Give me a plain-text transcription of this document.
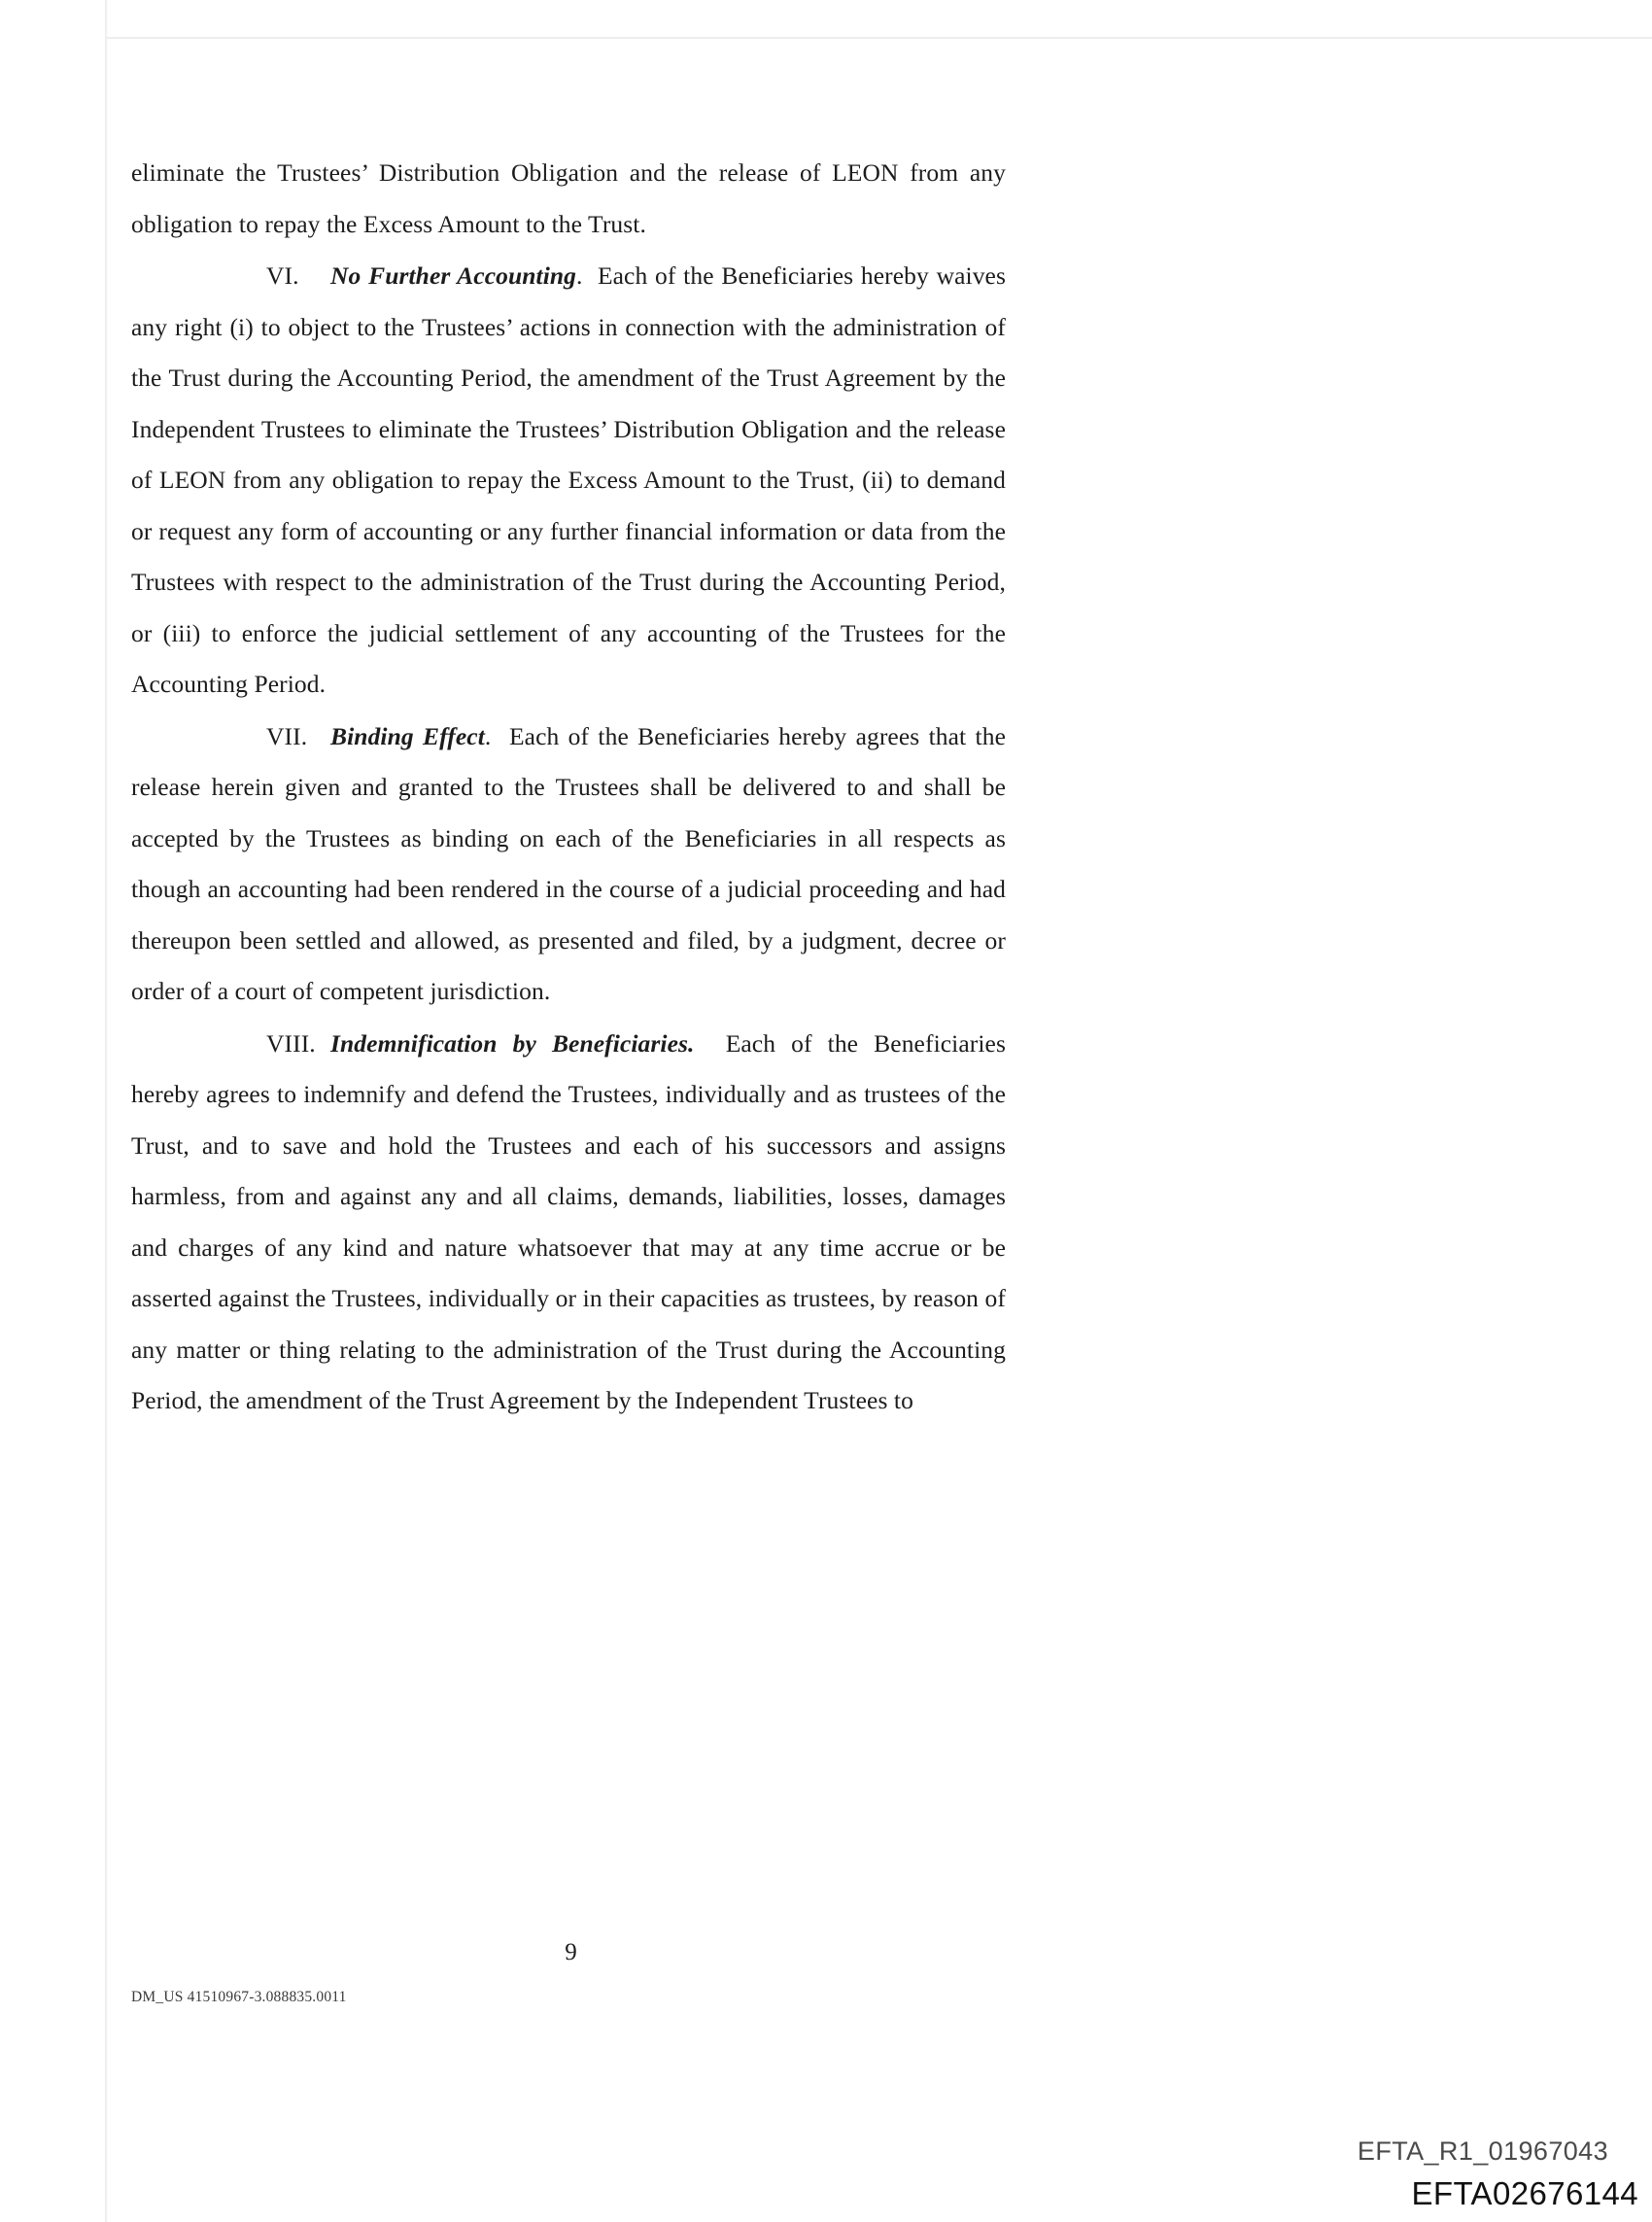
eliminate the Trustees’ Distribution Obligation and the release of LEON from any obligation to repay the Excess Amount to the Trust.

VI. No Further Accounting. Each of the Beneficiaries hereby waives any right (i) to object to the Trustees’ actions in connection with the administration of the Trust during the Accounting Period, the amendment of the Trust Agreement by the Independent Trustees to eliminate the Trustees’ Distribution Obligation and the release of LEON from any obligation to repay the Excess Amount to the Trust, (ii) to demand or request any form of accounting or any further financial information or data from the Trustees with respect to the administration of the Trust during the Accounting Period, or (iii) to enforce the judicial settlement of any accounting of the Trustees for the Accounting Period.

VII. Binding Effect. Each of the Beneficiaries hereby agrees that the release herein given and granted to the Trustees shall be delivered to and shall be accepted by the Trustees as binding on each of the Beneficiaries in all respects as though an accounting had been rendered in the course of a judicial proceeding and had thereupon been settled and allowed, as presented and filed, by a judgment, decree or order of a court of competent jurisdiction.

VIII. Indemnification by Beneficiaries. Each of the Beneficiaries hereby agrees to indemnify and defend the Trustees, individually and as trustees of the Trust, and to save and hold the Trustees and each of his successors and assigns harmless, from and against any and all claims, demands, liabilities, losses, damages and charges of any kind and nature whatsoever that may at any time accrue or be asserted against the Trustees, individually or in their capacities as trustees, by reason of any matter or thing relating to the administration of the Trust during the Accounting Period, the amendment of the Trust Agreement by the Independent Trustees to

9
DM_US 41510967-3.088835.0011
EFTA_R1_01967043
EFTA02676144
